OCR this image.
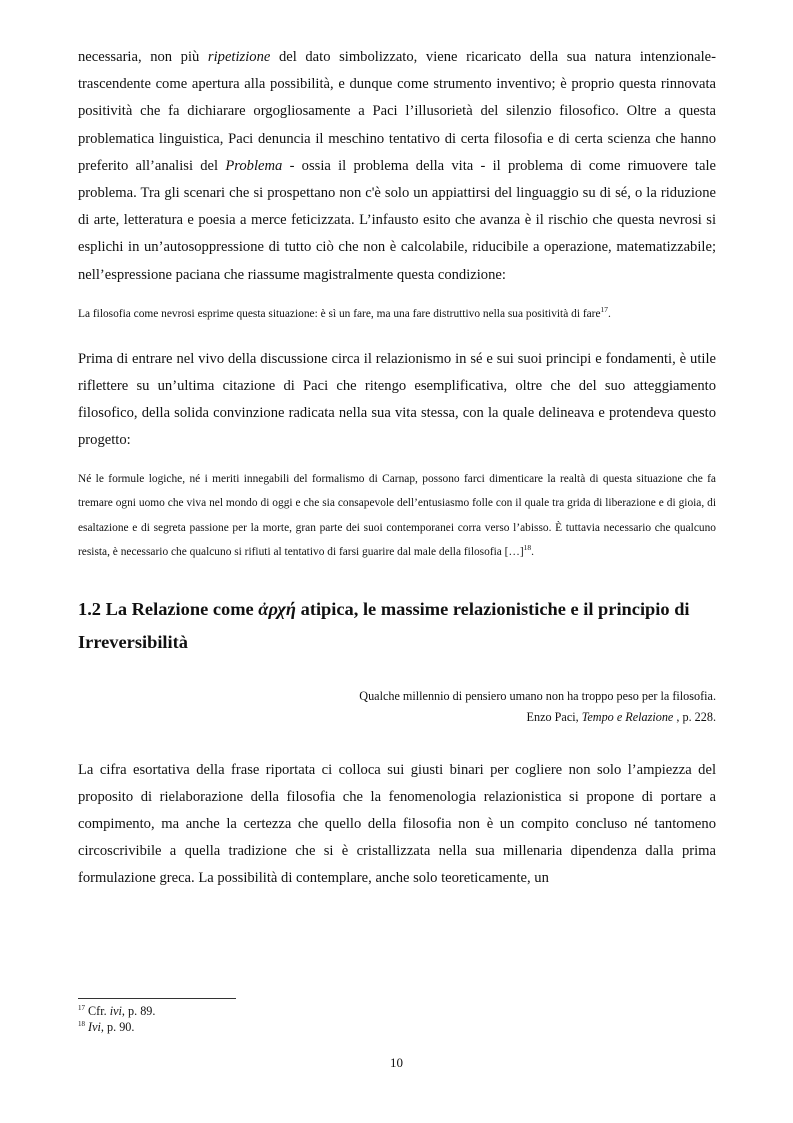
necessaria, non più ripetizione del dato simbolizzato, viene ricaricato della sua natura intenzionale-trascendente come apertura alla possibilità, e dunque come strumento inventivo; è proprio questa rinnovata positività che fa dichiarare orgogliosamente a Paci l’illusorietà del silenzio filosofico. Oltre a questa problematica linguistica, Paci denuncia il meschino tentativo di certa filosofia e di certa scienza che hanno preferito all’analisi del Problema - ossia il problema della vita - il problema di come rimuovere tale problema. Tra gli scenari che si prospettano non c'è solo un appiattirsi del linguaggio su di sé, o la riduzione di arte, letteratura e poesia a merce feticizzata. L’infausto esito che avanza è il rischio che questa nevrosi si esplichi in un’autosoppressione di tutto ciò che non è calcolabile, riducibile a operazione, matematizzabile; nell’espressione paciana che riassume magistralmente questa condizione:

La filosofia come nevrosi esprime questa situazione: è sì un fare, ma una fare distruttivo nella sua positività di fare$^{17}$.

Prima di entrare nel vivo della discussione circa il relazionismo in sé e sui suoi principi e fondamenti, è utile riflettere su un’ultima citazione di Paci che ritengo esemplificativa, oltre che del suo atteggiamento filosofico, della solida convinzione radicata nella sua vita stessa, con la quale delineava e protendeva questo progetto:

Né le formule logiche, né i meriti innegabili del formalismo di Carnap, possono farci dimenticare la realtà di questa situazione che fa tremare ogni uomo che viva nel mondo di oggi e che sia consapevole dell’entusiasmo folle con il quale tra grida di liberazione e di gioia, di esaltazione e di segreta passione per la morte, gran parte dei suoi contemporanei corra verso l’abisso. È tuttavia necessario che qualcuno resista, è necessario che qualcuno si rifiuti al tentativo di farsi guarire dal male della filosofia […]$^{18}$.

1.2 La Relazione come ἀρχή atipica, le massime relazionistiche e il principio di Irreversibilità
Qualche millennio di pensiero umano non ha troppo peso per la filosofia.
Enzo Paci, Tempo e Relazione , p. 228.

La cifra esortativa della frase riportata ci colloca sui giusti binari per cogliere non solo l’ampiezza del proposito di rielaborazione della filosofia che la fenomenologia relazionistica si propone di portare a compimento, ma anche la certezza che quello della filosofia non è un compito concluso né tantomeno circoscrivibile a quella tradizione che si è cristallizzata nella sua millenaria dipendenza dalla prima formulazione greca. La possibilità di contemplare, anche solo teoreticamente, un

$^{17}$ Cfr. ivi, p. 89.

$^{18}$ Ivi, p. 90.

10
